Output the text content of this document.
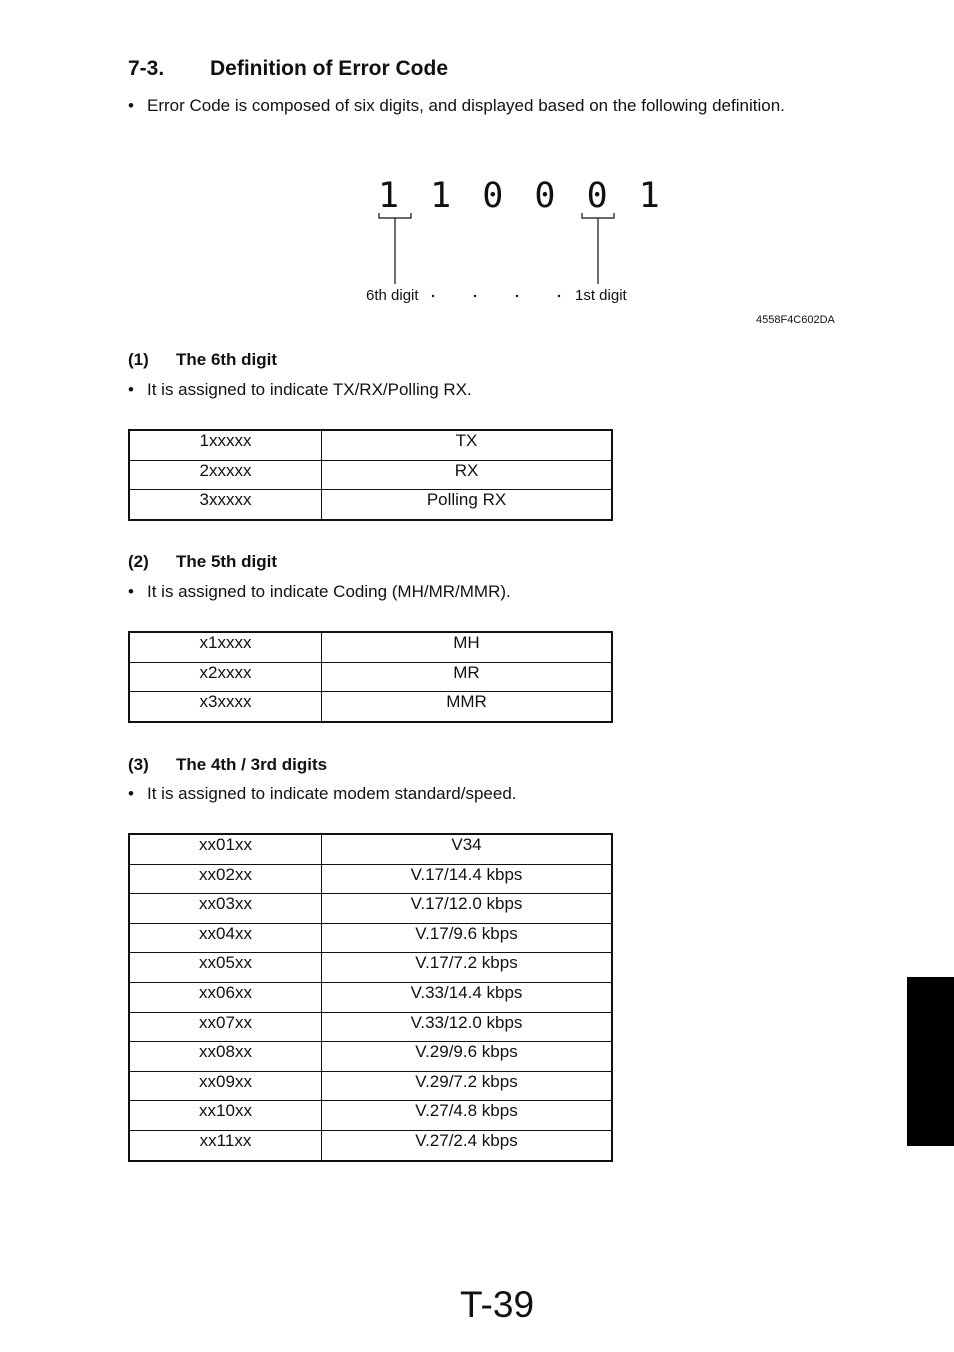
7-3. Definition of Error Code
• Error Code is composed of six digits, and displayed based on the following definition.
1 1 0 0 0 1
6th digit	1st digit
4558F4C602DA
(1) The 6th digit
• It is assigned to indicate TX/RX/Polling RX.
1xxxxx	TX
2xxxxx	RX
3xxxxx	Polling RX
(2) The 5th digit
• It is assigned to indicate Coding (MH/MR/MMR).
x1xxxx	MH
x2xxxx	MR
x3xxxx	MMR
(3) The 4th / 3rd digits
• It is assigned to indicate modem standard/speed.
xx01xx	V34
xx02xx	V.17/14.4 kbps
xx03xx	V.17/12.0 kbps
xx04xx	V.17/9.6 kbps
xx05xx	V.17/7.2 kbps
xx06xx	V.33/14.4 kbps
xx07xx	V.33/12.0 kbps
xx08xx	V.29/9.6 kbps
xx09xx	V.29/7.2 kbps
xx10xx	V.27/4.8 kbps
xx11xx	V.27/2.4 kbps
T-39
